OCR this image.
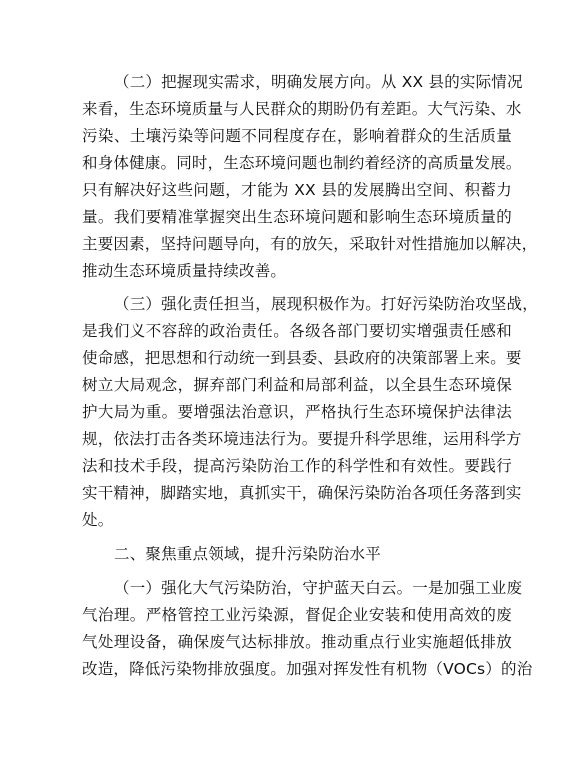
（二）把握现实需求，明确发展方向。从 XX 县的实际情况
来看，生态环境质量与人民群众的期盼仍有差距。大气污染、水
污染、土壤污染等问题不同程度存在，影响着群众的生活质量
和身体健康。同时，生态环境问题也制约着经济的高质量发展。
只有解决好这些问题，才能为 XX 县的发展腾出空间、积蓄力
量。我们要精准掌握突出生态环境问题和影响生态环境质量的
主要因素，坚持问题导向，有的放矢，采取针对性措施加以解决，
推动生态环境质量持续改善。
（三）强化责任担当，展现积极作为。打好污染防治攻坚战，
是我们义不容辞的政治责任。各级各部门要切实增强责任感和
使命感，把思想和行动统一到县委、县政府的决策部署上来。要
树立大局观念，摒弃部门利益和局部利益，以全县生态环境保
护大局为重。要增强法治意识，严格执行生态环境保护法律法
规，依法打击各类环境违法行为。要提升科学思维，运用科学方
法和技术手段，提高污染防治工作的科学性和有效性。要践行
实干精神，脚踏实地，真抓实干，确保污染防治各项任务落到实
处。
二、聚焦重点领域，提升污染防治水平
（一）强化大气污染防治，守护蓝天白云。一是加强工业废
气治理。严格管控工业污染源，督促企业安装和使用高效的废
气处理设备，确保废气达标排放。推动重点行业实施超低排放
改造，降低污染物排放强度。加强对挥发性有机物（VOCs）的治
